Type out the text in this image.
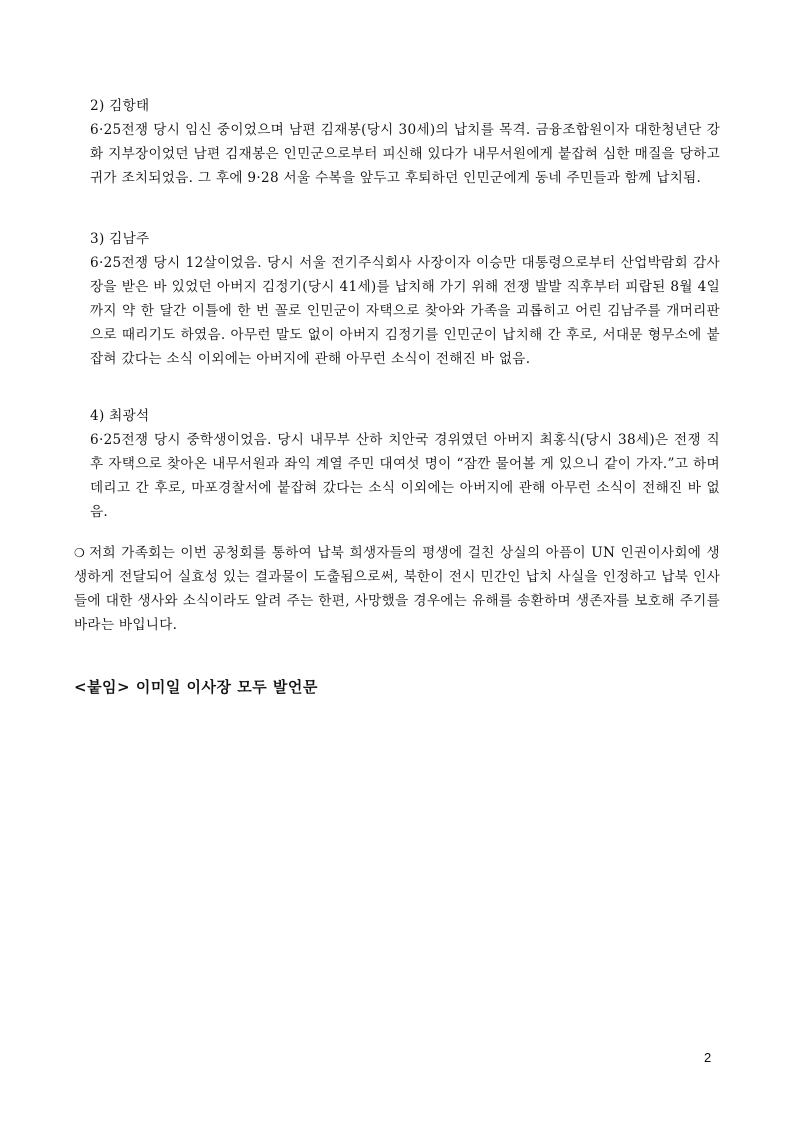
2) 김항태
6·25전쟁 당시 임신 중이었으며 남편 김재봉(당시 30세)의 납치를 목격. 금융조합원이자 대한청년단 강화 지부장이었던 남편 김재봉은 인민군으로부터 피신해 있다가 내무서원에게 붙잡혀 심한 매질을 당하고 귀가 조치되었음. 그 후에 9·28 서울 수복을 앞두고 후퇴하던 인민군에게 동네 주민들과 함께 납치됨.
3) 김남주
6·25전쟁 당시 12살이었음. 당시 서울 전기주식회사 사장이자 이승만 대통령으로부터 산업박람회 감사장을 받은 바 있었던 아버지 김정기(당시 41세)를 납치해 가기 위해 전쟁 발발 직후부터 피랍된 8월 4일까지 약 한 달간 이틀에 한 번 꼴로 인민군이 자택으로 찾아와 가족을 괴롭히고 어린 김남주를 개머리판으로 때리기도 하였음. 아무런 말도 없이 아버지 김정기를 인민군이 납치해 간 후로, 서대문 형무소에 붙잡혀 갔다는 소식 이외에는 아버지에 관해 아무런 소식이 전해진 바 없음.
4) 최광석
6·25전쟁 당시 중학생이었음. 당시 내무부 산하 치안국 경위였던 아버지 최홍식(당시 38세)은 전쟁 직후 자택으로 찾아온 내무서원과 좌익 계열 주민 대여섯 명이 “잠깐 물어볼 게 있으니 같이 가자.”고 하며 데리고 간 후로, 마포경찰서에 붙잡혀 갔다는 소식 이외에는 아버지에 관해 아무런 소식이 전해진 바 없음.
❍ 저희 가족회는 이번 공청회를 통하여 납북 희생자들의 평생에 걸친 상실의 아픔이 UN 인권이사회에 생생하게 전달되어 실효성 있는 결과물이 도출됨으로써, 북한이 전시 민간인 납치 사실을 인정하고 납북 인사들에 대한 생사와 소식이라도 알려 주는 한편, 사망했을 경우에는 유해를 송환하며 생존자를 보호해 주기를 바라는 바입니다.
<붙임> 이미일 이사장 모두 발언문
2
